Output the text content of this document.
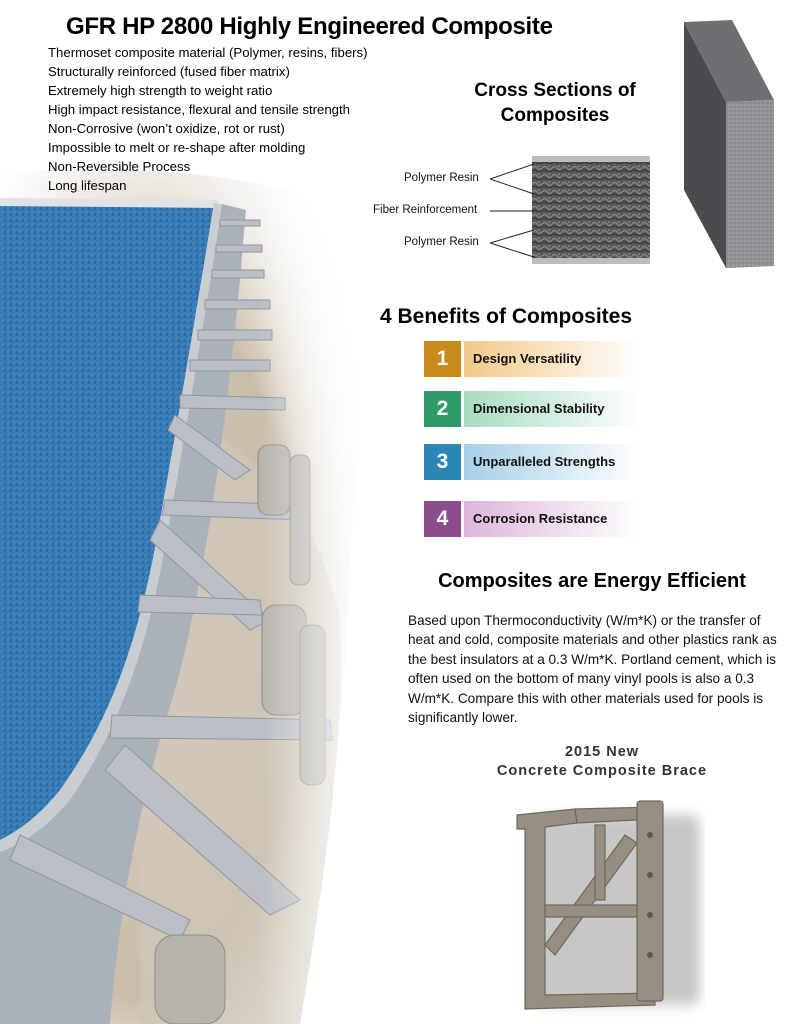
GFR HP 2800 Highly Engineered Composite
Thermoset composite material (Polymer, resins, fibers)
Structurally reinforced (fused fiber matrix)
Extremely high strength to weight ratio
High impact resistance, flexural and tensile strength
Non-Corrosive (won’t oxidize, rot or rust)
Impossible to melt or re-shape after molding
Non-Reversible Process
Long lifespan
Cross Sections of
Composites
Polymer Resin
Fiber Reinforcement
Polymer Resin
4 Benefits of Composites
1	Design Versatility
2	Dimensional Stability
3	Unparalleled Strengths
4	Corrosion Resistance
Composites are Energy Efficient
Based upon Thermoconductivity (W/m*K) or the transfer of heat and cold, composite materials and other plastics rank as the best insulators at a 0.3 W/m*K. Portland cement, which is often used on the bottom of many vinyl pools is also a 0.3 W/m*K. Compare this with other materials used for pools is significantly lower.
2015 New
Concrete Composite Brace
